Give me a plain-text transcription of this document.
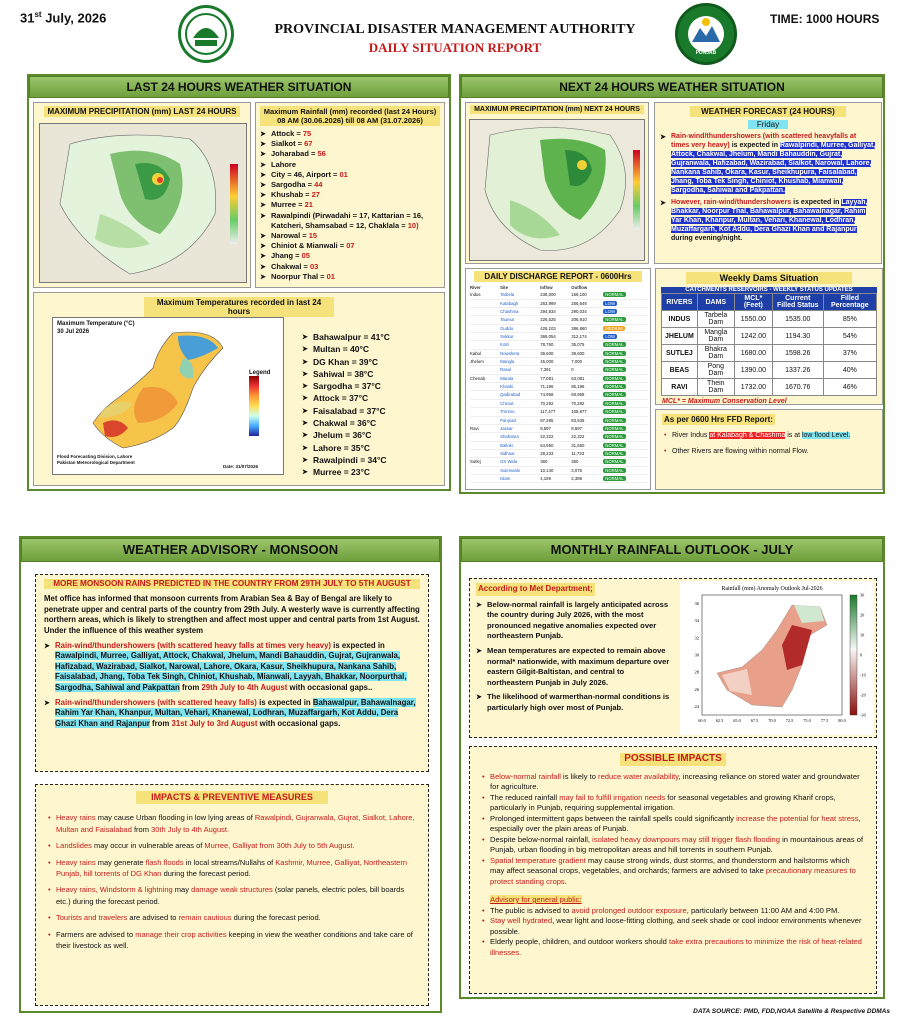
31st July, 2026
PROVINCIAL DISASTER MANAGEMENT AUTHORITY
DAILY SITUATION REPORT	PUNJAB
TIME: 1000 HOURS
LAST 24 HOURS WEATHER SITUATION
MAXIMUM PRECIPITATION (mm) LAST 24 HOURS	Maximum Rainfall (mm) recorded (last 24 Hours) 08 AM (30.06.2026) till 08 AM (31.07.2026)
➤ Attock = 75
➤ Sialkot = 67
➤ Joharabad = 56
➤ Lahore
➤ City = 46, Airport = 01
➤ Sargodha = 44
➤ Khushab = 27
➤ Murree = 21
➤ Rawalpindi (Pirwadahi = 17, Kattarian = 16, Katcheri, Shamsabad = 12, Chaklala = 10)
➤ Narowal = 15
➤ Chiniot & Mianwali = 07
➤ Jhang = 05
➤ Chakwal = 03
➤ Noorpur Thal = 01
Maximum Temperatures recorded in last 24 hours
Maximum Temperature (°C)
30 Jul 2026
Legend
Flood Forecasting Division, Lahore
Pakistan Meteorological Department
Date: 31/07/2026
➤ Bahawalpur = 41°C
➤ Multan = 40°C
➤ DG Khan = 39°C
➤ Sahiwal = 38°C
➤ Sargodha = 37°C
➤ Attock = 37°C
➤ Faisalabad = 37°C
➤ Chakwal = 36°C
➤ Jhelum = 36°C
➤ Lahore = 35°C
➤ Rawalpindi = 34°C
➤ Murree = 23°C
NEXT 24 HOURS WEATHER SITUATION
MAXIMUM PRECIPITATION (mm) NEXT 24 HOURS	WEATHER FORECAST (24 HOURS)
Friday
➤ Rain-wind/thundershowers (with scattered heavyfalls at times very heavy) is expected in Rawalpindi, Murree, Galliyat, Attock, Chakwal, Jhelum, Mandi Bahauddin, Gujrat, Gujranwala, Hafizabad, Wazirabad, Sialkot, Narowal, Lahore, Nankana Sahib, Okara, Kasur, Sheikhupura, Faisalabad, Jhang, Toba Tek Singh, Chiniot, Khushab, Mianwali, Sargodha, Sahiwal and Pakpattan.
➤ However, rain-wind/thundershowers is expected in Layyah, Bhakkar, Noorpur Thal, Bahawalpur, Bahawalnagar, Rahim Yar Khan, Khanpur, Multan, Vehari, Khanewal, Lodhran, Muzaffargarh, Kot Addu, Dera Ghazi Khan and Rajanpur during evening/night.
DAILY DISCHARGE REPORT - 0600Hrs
River	Site	Inflow	Outflow	
Indus	Tarbela	238,000	159,100	NORMAL
	Kalabagh	263,989	256,649	LOW
	Chashma	294,834	290,034	LOW
	Taunsa	226,525	206,910	NORMAL
	Guddu	426,103	386,860	MEDIUM
	Sukkur	369,054	312,174	LOW
	Kotri	78,760	35,075	NORMAL
Kabul	Nowshera	39,600	39,600	NORMAL
Jhelum	Mangla	45,000	7,000	NORMAL
	Rasul	7,391	0	NORMAL
Chenab	Marala	77,081	63,081	NORMAL
	Khanki	71,196	85,196	NORMAL
	Qadirabad	74,958	69,958	NORMAL
	Chiniot	70,292	70,292	NORMAL
	Trimmu	117,477	108,877	NORMAL
	Panjnad	97,285	83,535	NORMAL
Ravi	Jassar	8,597	8,597	NORMAL
	Shahdara	22,322	22,322	NORMAL
	Balloki	54,950	31,650	NORMAL
	Sidhnai	28,233	11,733	NORMAL
Sutlej	GS Wala	360	360	NORMAL
	Sulemanki	10,140	3,075	NORMAL
	Islam	4,189	2,389	NORMAL
Weekly Dams Situation
CATCHMENTS RESERVOIRS - WEEKLY STATUS UPDATES
RIVERS	DAMS	MCL* (Feet)	Current Filled Status	Filled Percentage
INDUS	Tarbela Dam	1550.00	1535.00	85%
JHELUM	Mangla Dam	1242.00	1194.30	54%
SUTLEJ	Bhakra Dam	1680.00	1598.26	37%
BEAS	Pong Dam	1390.00	1337.26	40%
RAVI	Thein Dam	1732.00	1670.76	46%
MCL* = Maximum Conservation Level
As per 0600 Hrs FFD Report:
• River Indus at Kalabagh & Chashma is at low flood Level.
• Other Rivers are flowing within normal Flow.
WEATHER ADVISORY - MONSOON
MORE MONSOON RAINS PREDICTED IN THE COUNTRY FROM 29TH JULY TO 5TH AUGUST
Met office has informed that monsoon currents from Arabian Sea & Bay of Bengal are likely to penetrate upper and central parts of the country from 29th July. A westerly wave is currently affecting northern areas, which is likely to strengthen and affect most upper and central parts from 1st August. Under the influence of this weather system
➤ Rain-wind/thundershowers (with scattered heavy falls at times very heavy) is expected in Rawalpindi, Murree, Galliyat, Attock, Chakwal, Jhelum, Mandi Bahauddin, Gujrat, Gujranwala, Hafizabad, Wazirabad, Sialkot, Narowal, Lahore, Okara, Kasur, Sheikhupura, Nankana Sahib, Faisalabad, Jhang, Toba Tek Singh, Chiniot, Khushab, Mianwali, Layyah, Bhakkar, Noorpurthal, Sargodha, Sahiwal and Pakpattan from 29th July to 4th August with occasional gaps..
➤ Rain-wind/thundershowers (with scattered heavy falls) is expected in Bahawalpur, Bahawalnagar, Rahim Yar Khan, Khanpur, Multan, Vehari, Khanewal, Lodhran, Muzaffargarh, Kot Addu, Dera Ghazi Khan and Rajanpur from 31st July to 3rd August with occasional gaps.
IMPACTS & PREVENTIVE MEASURES
• Heavy rains may cause Urban flooding in low lying areas of Rawalpindi, Gujranwala, Gujrat, Sialkot, Lahore, Multan and Faisalabad from 30th July to 4th August.
• Landslides may occur in vulnerable areas of Murree, Galliyat from 30th July to 5th August.
• Heavy rains may generate flash floods in local streams/Nullahs of Kashmir, Murree, Galliyat, Northeastern Punjab, hill torrents of DG Khan during the forecast period.
• Heavy rains, Windstorm & lightning may damage weak structures (solar panels, electric poles, bill boards etc.) during the forecast period.
• Tourists and travelers are advised to remain cautious during the forecast period.
• Farmers are advised to manage their crop activities keeping in view the weather conditions and take care of their livestock as well.
MONTHLY RAINFALL OUTLOOK - JULY
According to Met Department;
➤ Below-normal rainfall is largely anticipated across the country during July 2026, with the most pronounced negative anomalies expected over northeastern Punjab.
➤ Mean temperatures are expected to remain above normal* nationwide, with maximum departure over eastern Gilgit-Baltistan, and central to northeastern Punjab in July 2026.
➤ The likelihood of warmerthan-normal conditions is particularly high over most of Punjab.
Rainfall (mm) Anomaly Outlook Jul-2026
60.0 62.5 65.0 67.5 70.0 72.5 75.0 77.5 80.0
24
26
28
30
32
34
36
30
20
10
0
-10
-20
-30
POSSIBLE IMPACTS
• Below-normal rainfall is likely to reduce water availability, increasing reliance on stored water and groundwater for agriculture.
• The reduced rainfall may fail to fulfill irrigation needs for seasonal vegetables and growing Kharif crops, particularly in Punjab, requiring supplemental irrigation.
• Prolonged intermittent gaps between the rainfall spells could significantly increase the potential for heat stress, especially over the plain areas of Punjab.
• Despite below-normal rainfall, isolated heavy downpours may still trigger flash flooding in mountainous areas of Punjab, urban flooding in big metropolitan areas and hill torrents in southern Punjab.
• Spatial temperature gradient may cause strong winds, dust storms, and thunderstorm and hailstorms which may affect seasonal crops, vegetables, and orchards; farmers are advised to take precautionary measures to protect standing crops.
Advisory for general public:
• The public is advised to avoid prolonged outdoor exposure, particularly between 11:00 AM and 4:00 PM.
• Stay well hydrated, wear light and loose-fitting clothing, and seek shade or cool indoor environments whenever possible.
• Elderly people, children, and outdoor workers should take extra precautions to minimize the risk of heat-related illnesses.
DATA SOURCE: PMD, FDD,NOAA Satellite & Respective DDMAs
